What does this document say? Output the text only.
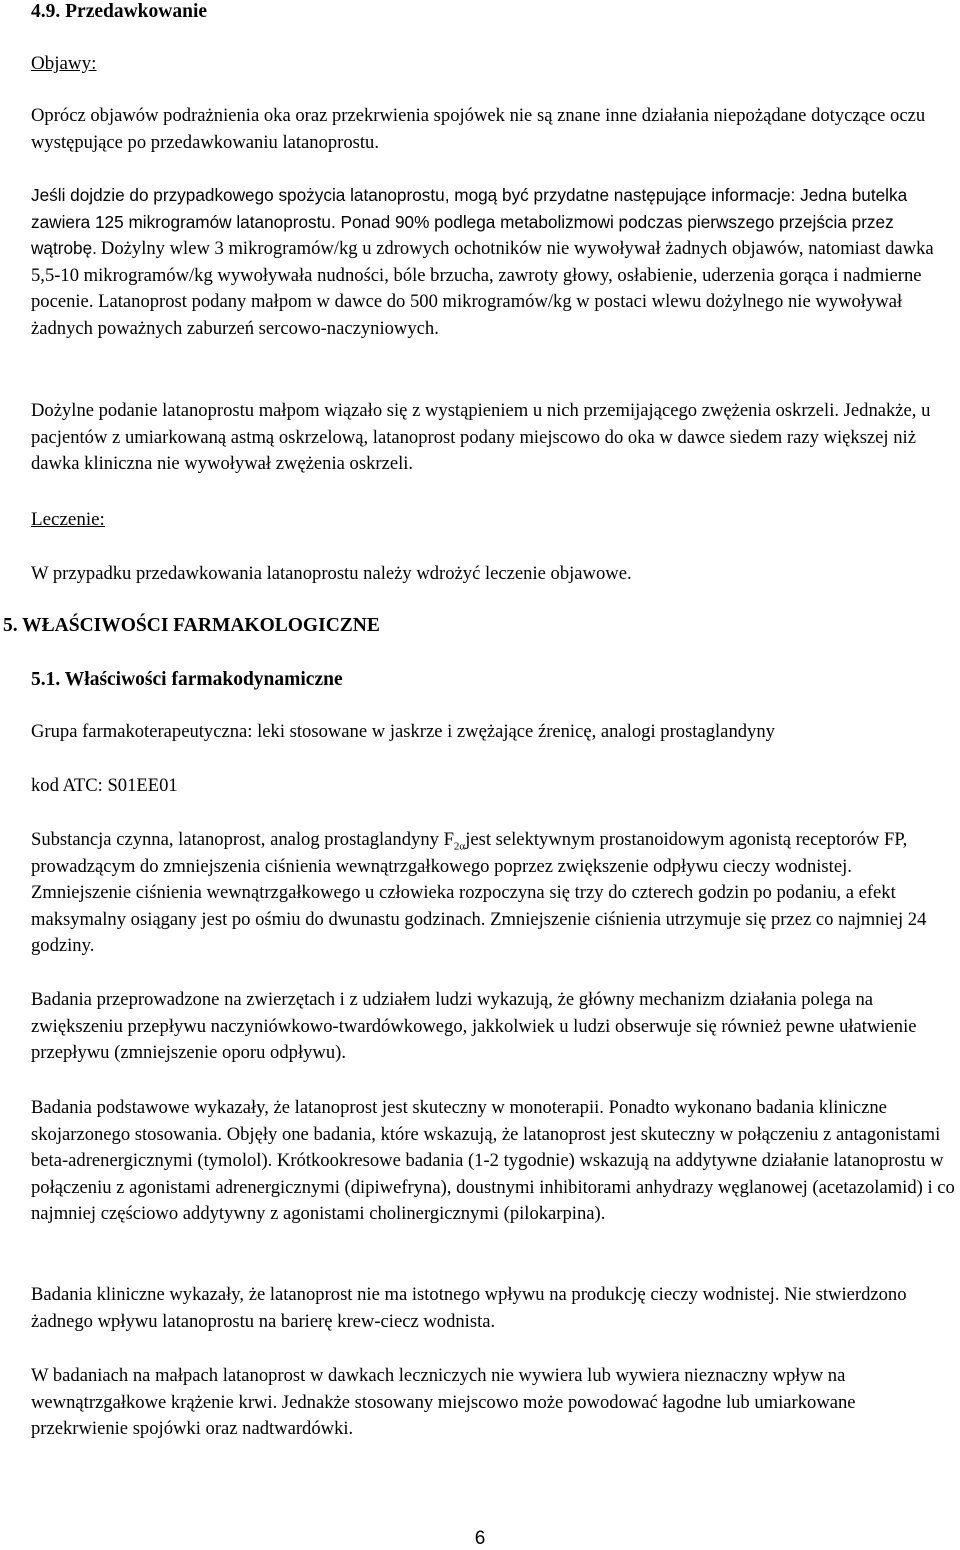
4.9. Przedawkowanie
Objawy:

Oprócz objawów podrażnienia oka oraz przekrwienia spojówek nie są znane inne działania niepożądane dotyczące oczu występujące po przedawkowaniu latanoprostu.

Jeśli dojdzie do przypadkowego spożycia latanoprostu, mogą być przydatne następujące informacje: Jedna butelka zawiera 125 mikrogramów latanoprostu. Ponad 90% podlega metabolizmowi podczas pierwszego przejścia przez wątrobę. Dożylny wlew 3 mikrogramów/kg u zdrowych ochotników nie wywoływał żadnych objawów, natomiast dawka 5,5-10 mikrogramów/kg wywoływała nudności, bóle brzucha, zawroty głowy, osłabienie, uderzenia gorąca i nadmierne pocenie. Latanoprost podany małpom w dawce do 500 mikrogramów/kg w postaci wlewu dożylnego nie wywoływał żadnych poważnych zaburzeń sercowo-naczyniowych.

Dożylne podanie latanoprostu małpom wiązało się z wystąpieniem u nich przemijającego zwężenia oskrzeli. Jednakże, u pacjentów z umiarkowaną astmą oskrzelową, latanoprost podany miejscowo do oka w dawce siedem razy większej niż dawka kliniczna nie wywoływał zwężenia oskrzeli.

Leczenie:

W przypadku przedawkowania latanoprostu należy wdrożyć leczenie objawowe.

5. WŁAŚCIWOŚCI FARMAKOLOGICZNE
5.1. Właściwości farmakodynamiczne

Grupa farmakoterapeutyczna: leki stosowane w jaskrze i zwężające źrenicę, analogi prostaglandyny

kod ATC: S01EE01

Substancja czynna, latanoprost, analog prostaglandyny $F_{2\alpha}jest$ selektywnym prostanoidowym agonistą receptorów FP, prowadzącym do zmniejszenia ciśnienia wewnątrzgałkowego poprzez zwiększenie odpływu cieczy wodnistej. Zmniejszenie ciśnienia wewnątrzgałkowego u człowieka rozpoczyna się trzy do czterech godzin po podaniu, a efekt maksymalny osiągany jest po ośmiu do dwunastu godzinach. Zmniejszenie ciśnienia utrzymuje się przez co najmniej 24 godziny.

Badania przeprowadzone na zwierzętach i z udziałem ludzi wykazują, że główny mechanizm działania polega na zwiększeniu przepływu naczyniówkowo-twardówkowego, jakkolwiek u ludzi obserwuje się również pewne ułatwienie przepływu (zmniejszenie oporu odpływu).

Badania podstawowe wykazały, że latanoprost jest skuteczny w monoterapii. Ponadto wykonano badania kliniczne skojarzonego stosowania. Objęły one badania, które wskazują, że latanoprost jest skuteczny w połączeniu z antagonistami beta-adrenergicznymi (tymolol). Krótkookresowe badania (1-2 tygodnie) wskazują na addytywne działanie latanoprostu w połączeniu z agonistami adrenergicznymi (dipiwefryna), doustnymi inhibitorami anhydrazy węglanowej (acetazolamid) i co najmniej częściowo addytywny z agonistami cholinergicznymi (pilokarpina).

Badania kliniczne wykazały, że latanoprost nie ma istotnego wpływu na produkcję cieczy wodnistej. Nie stwierdzono żadnego wpływu latanoprostu na barierę krew-ciecz wodnista.

W badaniach na małpach latanoprost w dawkach leczniczych nie wywiera lub wywiera nieznaczny wpływ na wewnątrzgałkowe krążenie krwi. Jednakże stosowany miejscowo może powodować łagodne lub umiarkowane przekrwienie spojówki oraz nadtwardówki.

6
